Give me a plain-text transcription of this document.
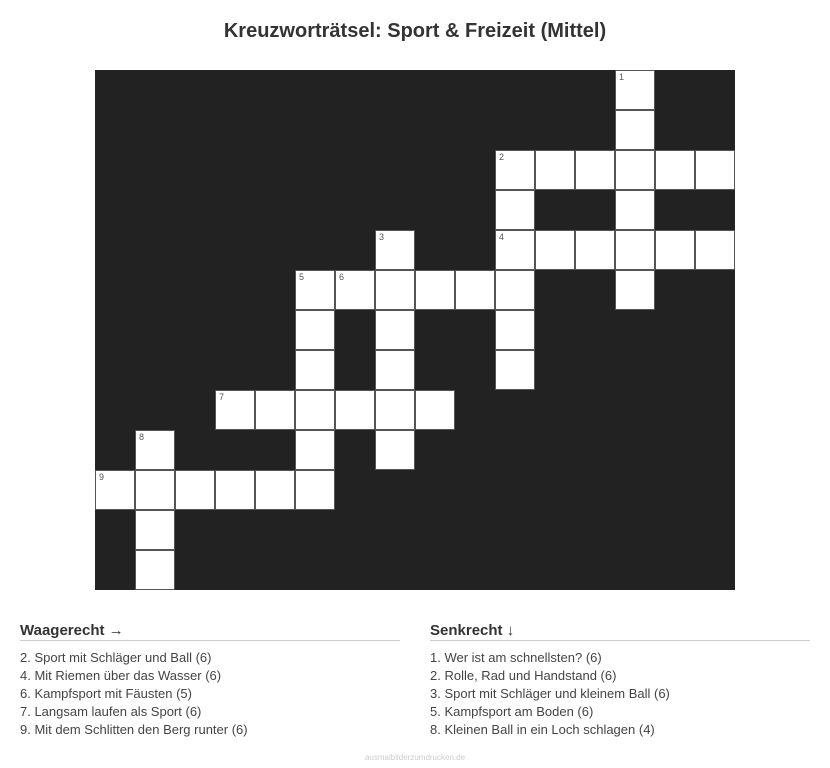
Kreuzworträtsel: Sport & Freizeit (Mittel)
1
2
3	4
5	6
7
8
9
Waagerecht →
2. Sport mit Schläger und Ball (6)
4. Mit Riemen über das Wasser (6)
6. Kampfsport mit Fäusten (5)
7. Langsam laufen als Sport (6)
9. Mit dem Schlitten den Berg runter (6)
Senkrecht ↓
1. Wer ist am schnellsten? (6)
2. Rolle, Rad und Handstand (6)
3. Sport mit Schläger und kleinem Ball (6)
5. Kampfsport am Boden (6)
8. Kleinen Ball in ein Loch schlagen (4)
ausmalbilderzumdrucken.de
